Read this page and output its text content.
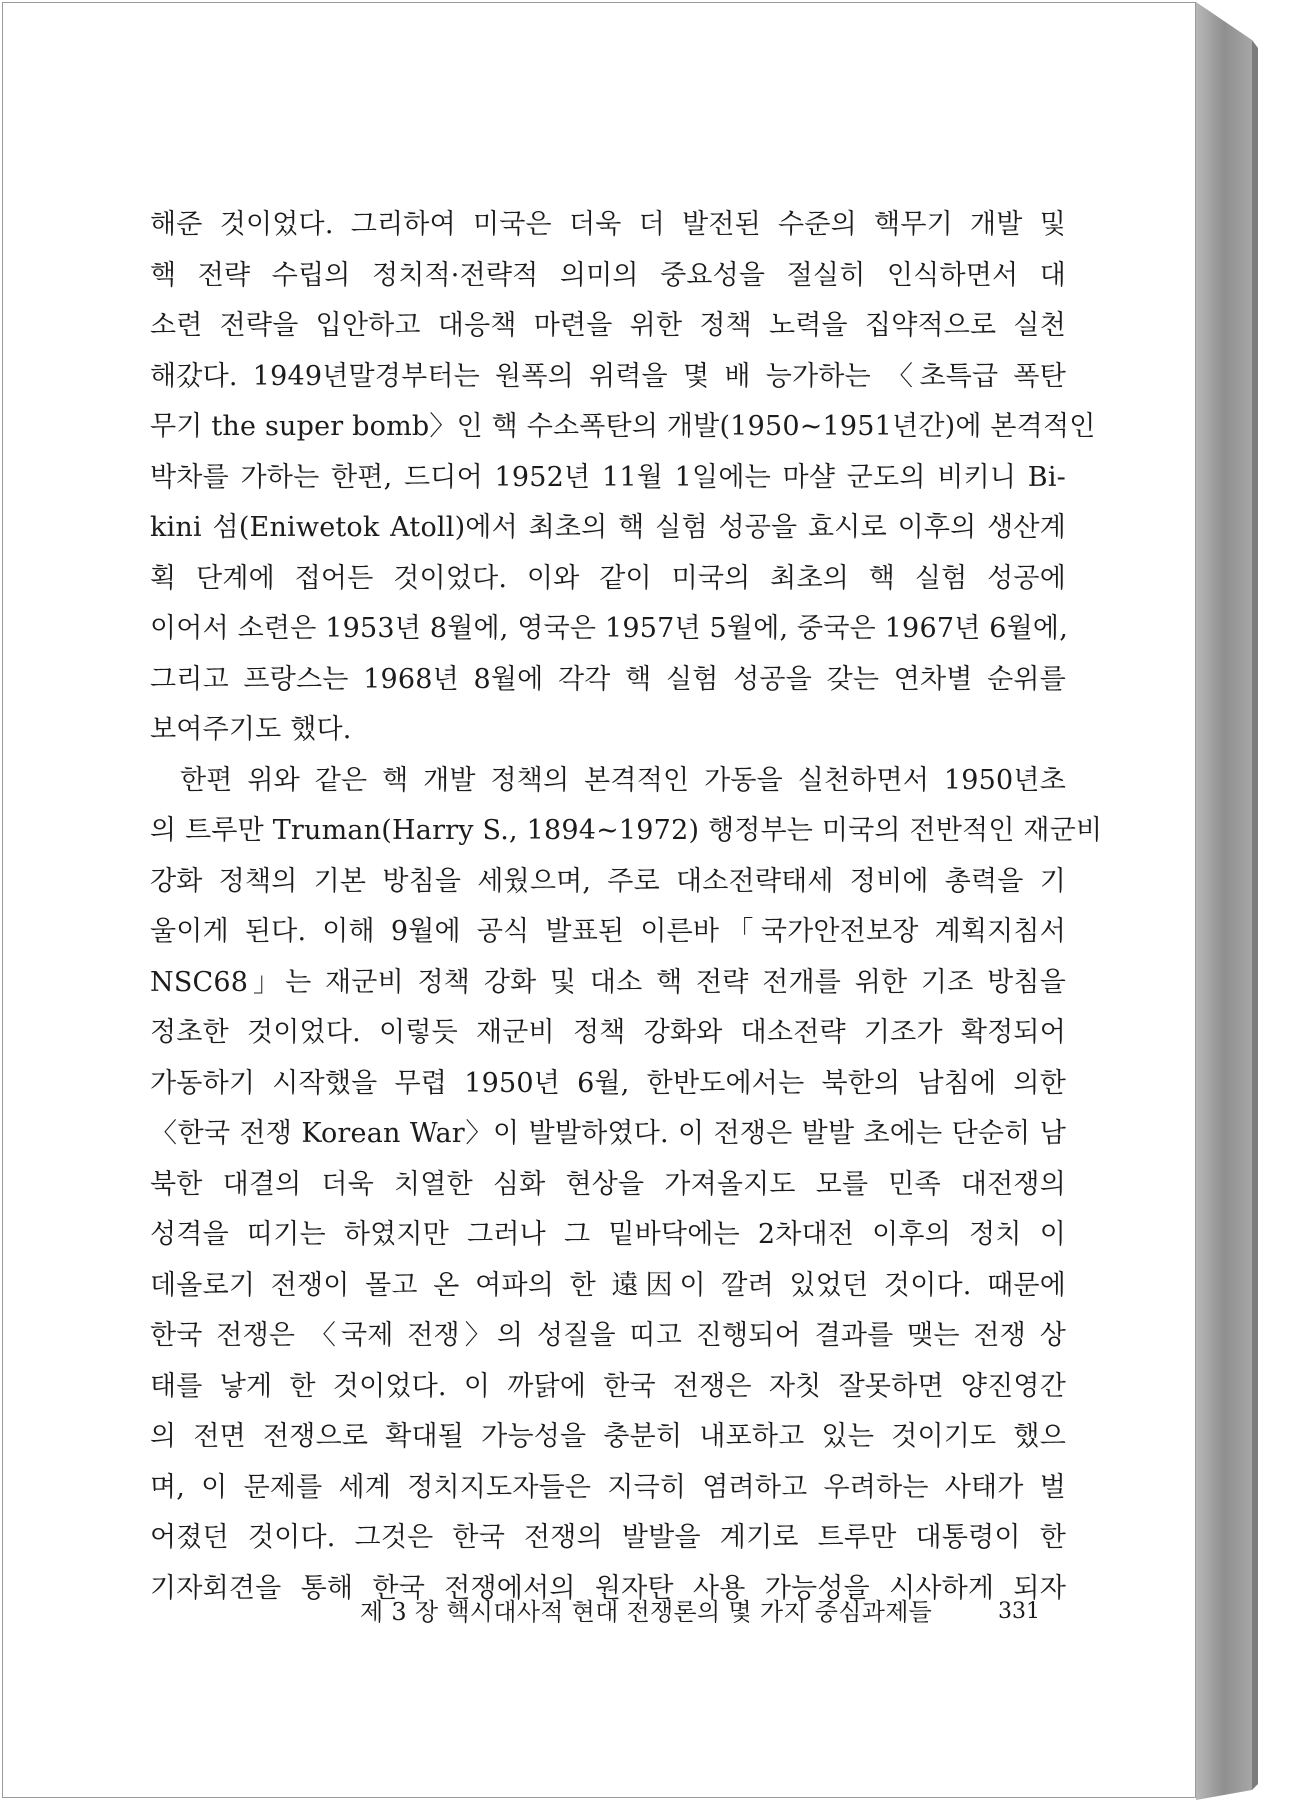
해준 것이었다. 그리하여 미국은 더욱 더 발전된 수준의 핵무기 개발 및
핵 전략 수립의 정치적·전략적 의미의 중요성을 절실히 인식하면서 대
소련 전략을 입안하고 대응책 마련을 위한 정책 노력을 집약적으로 실천
해갔다. 1949년말경부터는 원폭의 위력을 몇 배 능가하는 〈초특급 폭탄
무기 the super bomb〉인 핵 수소폭탄의 개발(1950~1951년간)에 본격적인
박차를 가하는 한편, 드디어 1952년 11월 1일에는 마샬 군도의 비키니 Bi-
kini 섬(Eniwetok Atoll)에서 최초의 핵 실험 성공을 효시로 이후의 생산계
획 단계에 접어든 것이었다. 이와 같이 미국의 최초의 핵 실험 성공에
이어서 소련은 1953년 8월에, 영국은 1957년 5월에, 중국은 1967년 6월에,
그리고 프랑스는 1968년 8월에 각각 핵 실험 성공을 갖는 연차별 순위를
보여주기도 했다.
한편 위와 같은 핵 개발 정책의 본격적인 가동을 실천하면서 1950년초
의 트루만 Truman(Harry S., 1894~1972) 행정부는 미국의 전반적인 재군비
강화 정책의 기본 방침을 세웠으며, 주로 대소전략태세 정비에 총력을 기
울이게 된다. 이해 9월에 공식 발표된 이른바「국가안전보장 계획지침서
NSC68」는 재군비 정책 강화 및 대소 핵 전략 전개를 위한 기조 방침을
정초한 것이었다. 이렇듯 재군비 정책 강화와 대소전략 기조가 확정되어
가동하기 시작했을 무렵 1950년 6월, 한반도에서는 북한의 남침에 의한
〈한국 전쟁 Korean War〉이 발발하였다. 이 전쟁은 발발 초에는 단순히 남
북한 대결의 더욱 치열한 심화 현상을 가져올지도 모를 민족 대전쟁의
성격을 띠기는 하였지만 그러나 그 밑바닥에는 2차대전 이후의 정치 이
데올로기 전쟁이 몰고 온 여파의 한 遠因이 깔려 있었던 것이다. 때문에
한국 전쟁은 〈국제 전쟁〉의 성질을 띠고 진행되어 결과를 맺는 전쟁 상
태를 낳게 한 것이었다. 이 까닭에 한국 전쟁은 자칫 잘못하면 양진영간
의 전면 전쟁으로 확대될 가능성을 충분히 내포하고 있는 것이기도 했으
며, 이 문제를 세계 정치지도자들은 지극히 염려하고 우려하는 사태가 벌
어졌던 것이다. 그것은 한국 전쟁의 발발을 계기로 트루만 대통령이 한
기자회견을 통해 한국 전쟁에서의 원자탄 사용 가능성을 시사하게 되자
제 3 장 핵시대사적 현대 전쟁론의 몇 가지 중심과제들	331
